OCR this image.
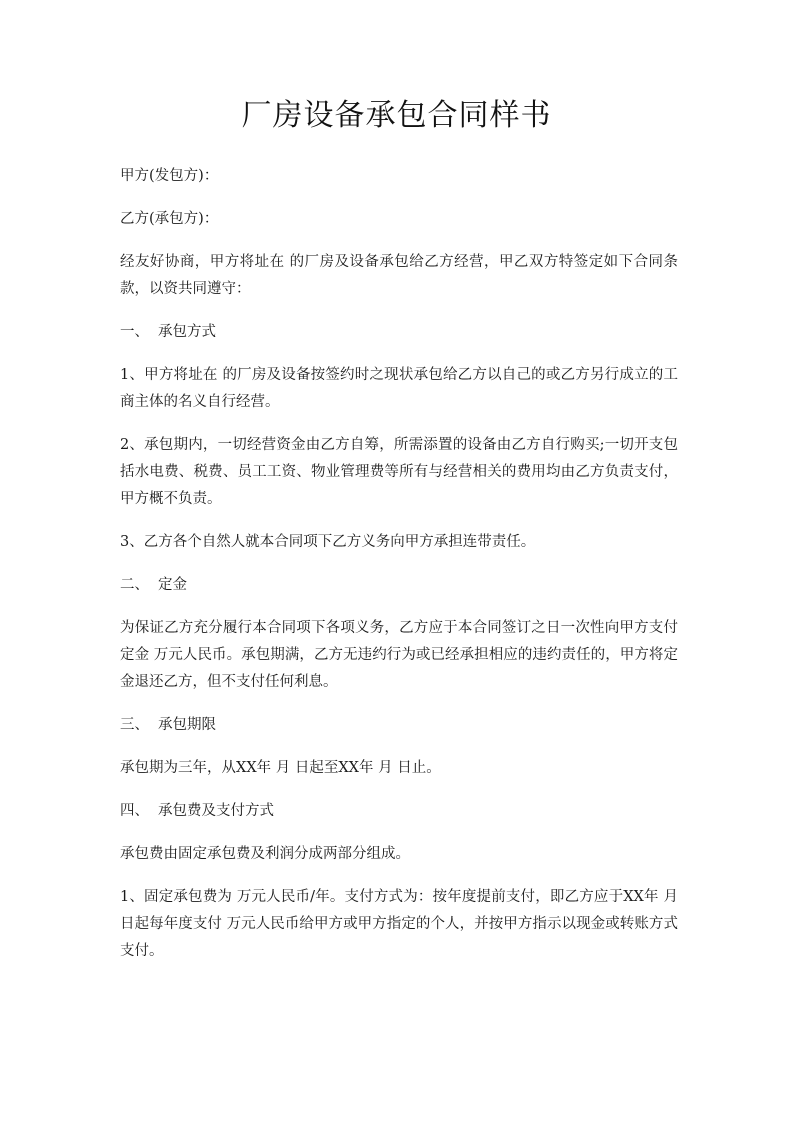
厂房设备承包合同样书

甲方(发包方)：

乙方(承包方)：

经友好协商，甲方将址在 的厂房及设备承包给乙方经营，甲乙双方特签定如下合同条款，以资共同遵守：

一、 承包方式

1、甲方将址在 的厂房及设备按签约时之现状承包给乙方以自己的或乙方另行成立的工商主体的名义自行经营。

2、承包期内，一切经营资金由乙方自筹，所需添置的设备由乙方自行购买;一切开支包括水电费、税费、员工工资、物业管理费等所有与经营相关的费用均由乙方负责支付，甲方概不负责。

3、乙方各个自然人就本合同项下乙方义务向甲方承担连带责任。

二、 定金

为保证乙方充分履行本合同项下各项义务，乙方应于本合同签订之日一次性向甲方支付定金 万元人民币。承包期满，乙方无违约行为或已经承担相应的违约责任的，甲方将定金退还乙方，但不支付任何利息。

三、 承包期限

承包期为三年，从XX年 月 日起至XX年 月 日止。

四、 承包费及支付方式

承包费由固定承包费及利润分成两部分组成。

1、固定承包费为 万元人民币/年。支付方式为：按年度提前支付，即乙方应于XX年 月 日起每年度支付 万元人民币给甲方或甲方指定的个人，并按甲方指示以现金或转账方式支付。
